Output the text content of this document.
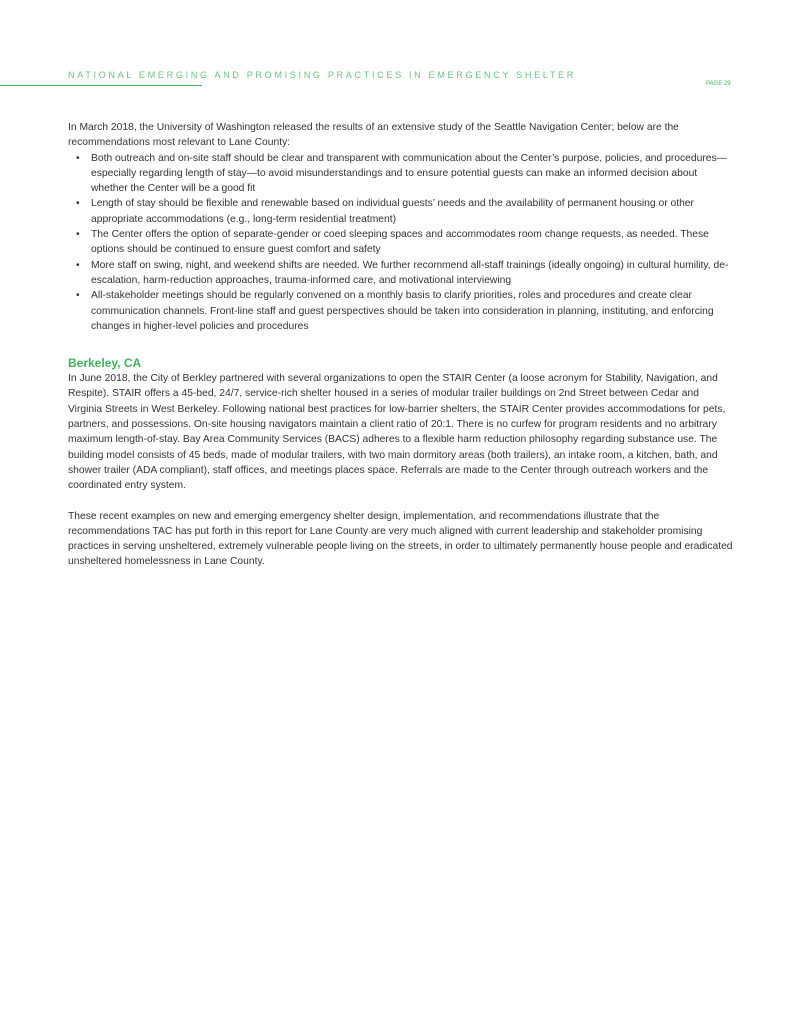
NATIONAL EMERGING AND PROMISING PRACTICES IN EMERGENCY SHELTER
PAGE 29

In March 2018, the University of Washington released the results of an extensive study of the Seattle Navigation Center; below are the recommendations most relevant to Lane County:

• Both outreach and on-site staff should be clear and transparent with communication about the Center’s purpose, policies, and procedures—especially regarding length of stay—to avoid misunderstandings and to ensure potential guests can make an informed decision about whether the Center will be a good fit
• Length of stay should be flexible and renewable based on individual guests’ needs and the availability of permanent housing or other appropriate accommodations (e.g., long-term residential treatment)
• The Center offers the option of separate-gender or coed sleeping spaces and accommodates room change requests, as needed. These options should be continued to ensure guest comfort and safety
• More staff on swing, night, and weekend shifts are needed. We further recommend all-staff trainings (ideally ongoing) in cultural humility, de-escalation, harm-reduction approaches, trauma-informed care, and motivational interviewing
• All-stakeholder meetings should be regularly convened on a monthly basis to clarify priorities, roles and procedures and create clear communication channels. Front-line staff and guest perspectives should be taken into consideration in planning, instituting, and enforcing changes in higher-level policies and procedures
Berkeley, CA

In June 2018, the City of Berkley partnered with several organizations to open the STAIR Center (a loose acronym for Stability, Navigation, and Respite). STAIR offers a 45-bed, 24/7, service-rich shelter housed in a series of modular trailer buildings on 2nd Street between Cedar and Virginia Streets in West Berkeley. Following national best practices for low-barrier shelters, the STAIR Center provides accommodations for pets, partners, and possessions. On-site housing navigators maintain a client ratio of 20:1. There is no curfew for program residents and no arbitrary maximum length-of-stay. Bay Area Community Services (BACS) adheres to a flexible harm reduction philosophy regarding substance use. The building model consists of 45 beds, made of modular trailers, with two main dormitory areas (both trailers), an intake room, a kitchen, bath, and shower trailer (ADA compliant), staff offices, and meetings places space. Referrals are made to the Center through outreach workers and the coordinated entry system.

These recent examples on new and emerging emergency shelter design, implementation, and recommendations illustrate that the recommendations TAC has put forth in this report for Lane County are very much aligned with current leadership and stakeholder promising practices in serving unsheltered, extremely vulnerable people living on the streets, in order to ultimately permanently house people and eradicated unsheltered homelessness in Lane County.
